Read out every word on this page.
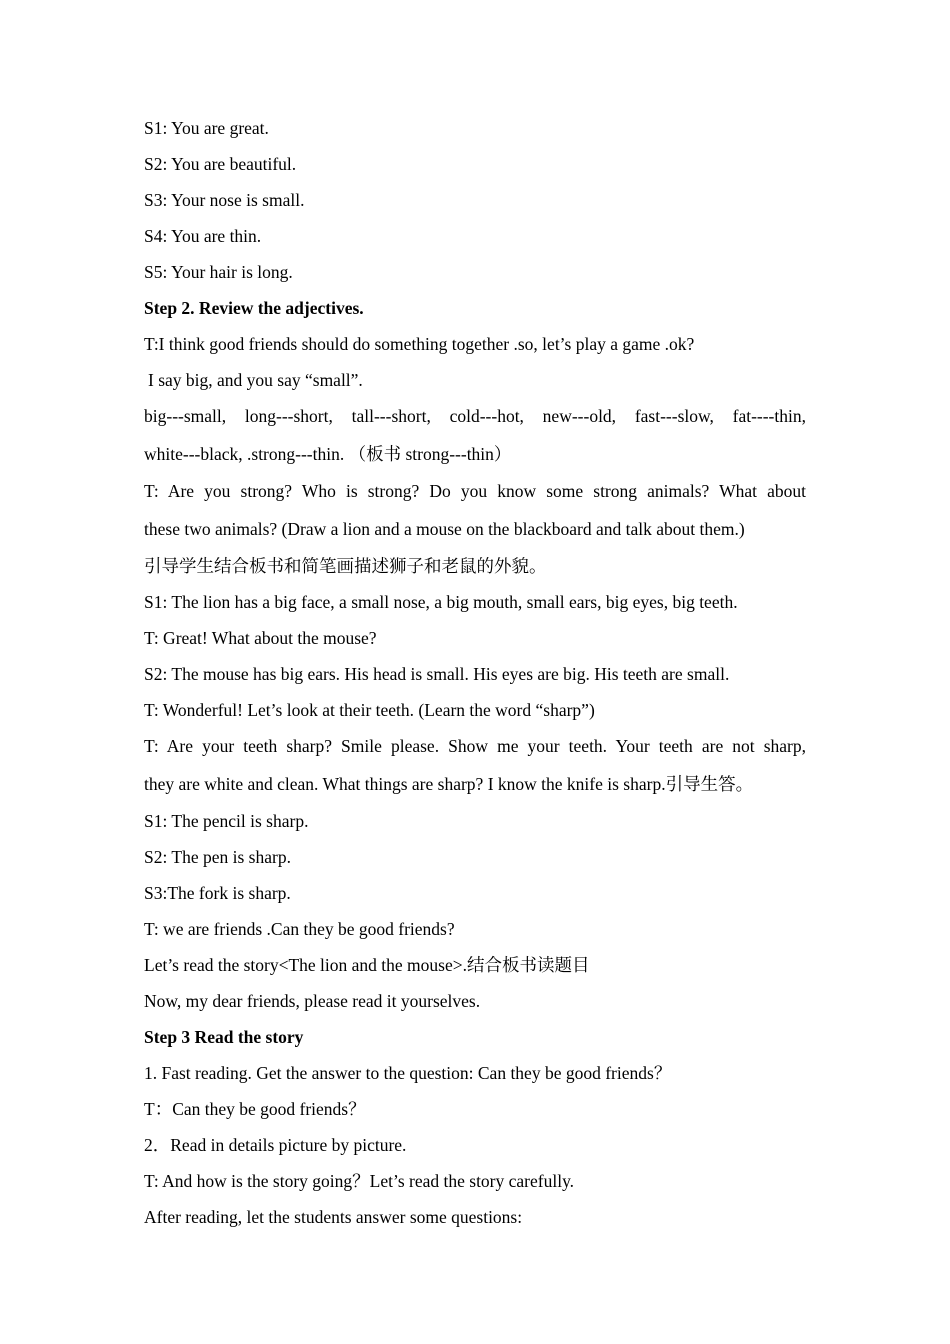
S1: You are great.
S2: You are beautiful.
S3: Your nose is small.
S4: You are thin.
S5: Your hair is long.
Step 2. Review the adjectives.
T:I think good friends should do something together .so, let’s play a game .ok?
I say big, and you say “small”.
big---small, long---short, tall---short, cold---hot, new---old, fast---slow, fat----thin,
white---black, .strong---thin. （板书 strong---thin）
T: Are you strong? Who is strong? Do you know some strong animals? What about
these two animals? (Draw a lion and a mouse on the blackboard and talk about them.)
引导学生结合板书和简笔画描述狮子和老鼠的外貌。
S1: The lion has a big face, a small nose, a big mouth, small ears, big eyes, big teeth.
T: Great! What about the mouse?
S2: The mouse has big ears. His head is small. His eyes are big. His teeth are small.
T: Wonderful! Let’s look at their teeth. (Learn the word “sharp”)
T: Are your teeth sharp? Smile please. Show me your teeth. Your teeth are not sharp,
they are white and clean. What things are sharp? I know the knife is sharp.引导生答。
S1: The pencil is sharp.
S2: The pen is sharp.
S3:The fork is sharp.
T: we are friends .Can they be good friends?
Let’s read the story<The lion and the mouse>.结合板书读题目
Now, my dear friends, please read it yourselves.
Step 3 Read the story
1. Fast reading. Get the answer to the question: Can they be good friends？
T：Can they be good friends？
2．Read in details picture by picture.
T: And how is the story going？Let’s read the story carefully.
After reading, let the students answer some questions:
